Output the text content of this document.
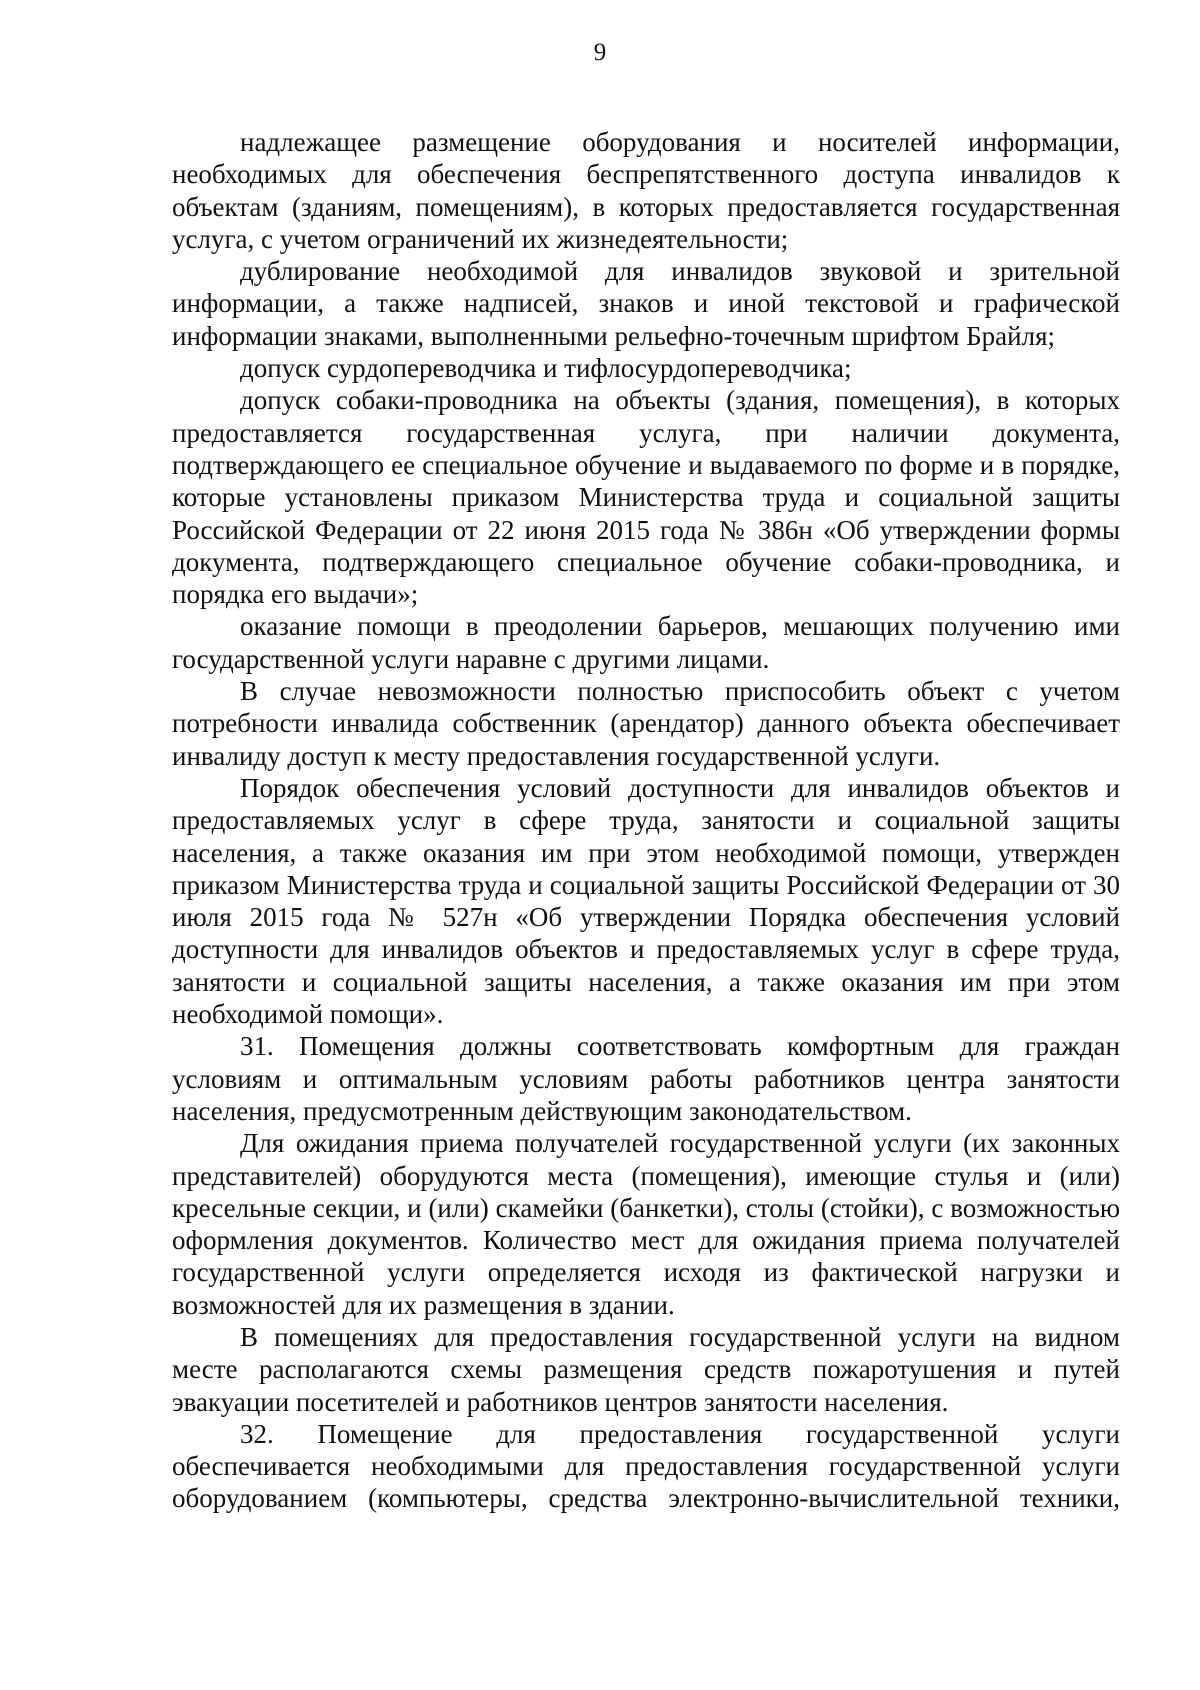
9

надлежащее размещение оборудования и носителей информации, необходимых для обеспечения беспрепятственного доступа инвалидов к объектам (зданиям, помещениям), в которых предоставляется государственная услуга, с учетом ограничений их жизнедеятельности;

дублирование необходимой для инвалидов звуковой и зрительной информации, а также надписей, знаков и иной текстовой и графической информации знаками, выполненными рельефно-точечным шрифтом Брайля;

допуск сурдопереводчика и тифлосурдопереводчика;

допуск собаки-проводника на объекты (здания, помещения), в которых предоставляется государственная услуга, при наличии документа, подтверждающего ее специальное обучение и выдаваемого по форме и в порядке, которые установлены приказом Министерства труда и социальной защиты Российской Федерации от 22 июня 2015 года № 386н «Об утверждении формы документа, подтверждающего специальное обучение собаки-проводника, и порядка его выдачи»;

оказание помощи в преодолении барьеров, мешающих получению ими государственной услуги наравне с другими лицами.

В случае невозможности полностью приспособить объект с учетом потребности инвалида собственник (арендатор) данного объекта обеспечивает инвалиду доступ к месту предоставления государственной услуги.

Порядок обеспечения условий доступности для инвалидов объектов и предоставляемых услуг в сфере труда, занятости и социальной защиты населения, а также оказания им при этом необходимой помощи, утвержден приказом Министерства труда и социальной защиты Российской Федерации от 30 июля 2015 года № 527н «Об утверждении Порядка обеспечения условий доступности для инвалидов объектов и предоставляемых услуг в сфере труда, занятости и социальной защиты населения, а также оказания им при этом необходимой помощи».

31. Помещения должны соответствовать комфортным для граждан условиям и оптимальным условиям работы работников центра занятости населения, предусмотренным действующим законодательством.

Для ожидания приема получателей государственной услуги (их законных представителей) оборудуются места (помещения), имеющие стулья и (или) кресельные секции, и (или) скамейки (банкетки), столы (стойки), с возможностью оформления документов. Количество мест для ожидания приема получателей государственной услуги определяется исходя из фактической нагрузки и возможностей для их размещения в здании.

В помещениях для предоставления государственной услуги на видном месте располагаются схемы размещения средств пожаротушения и путей эвакуации посетителей и работников центров занятости населения.

32. Помещение для предоставления государственной услуги обеспечивается необходимыми для предоставления государственной услуги оборудованием (компьютеры, средства электронно-вычислительной техники,
